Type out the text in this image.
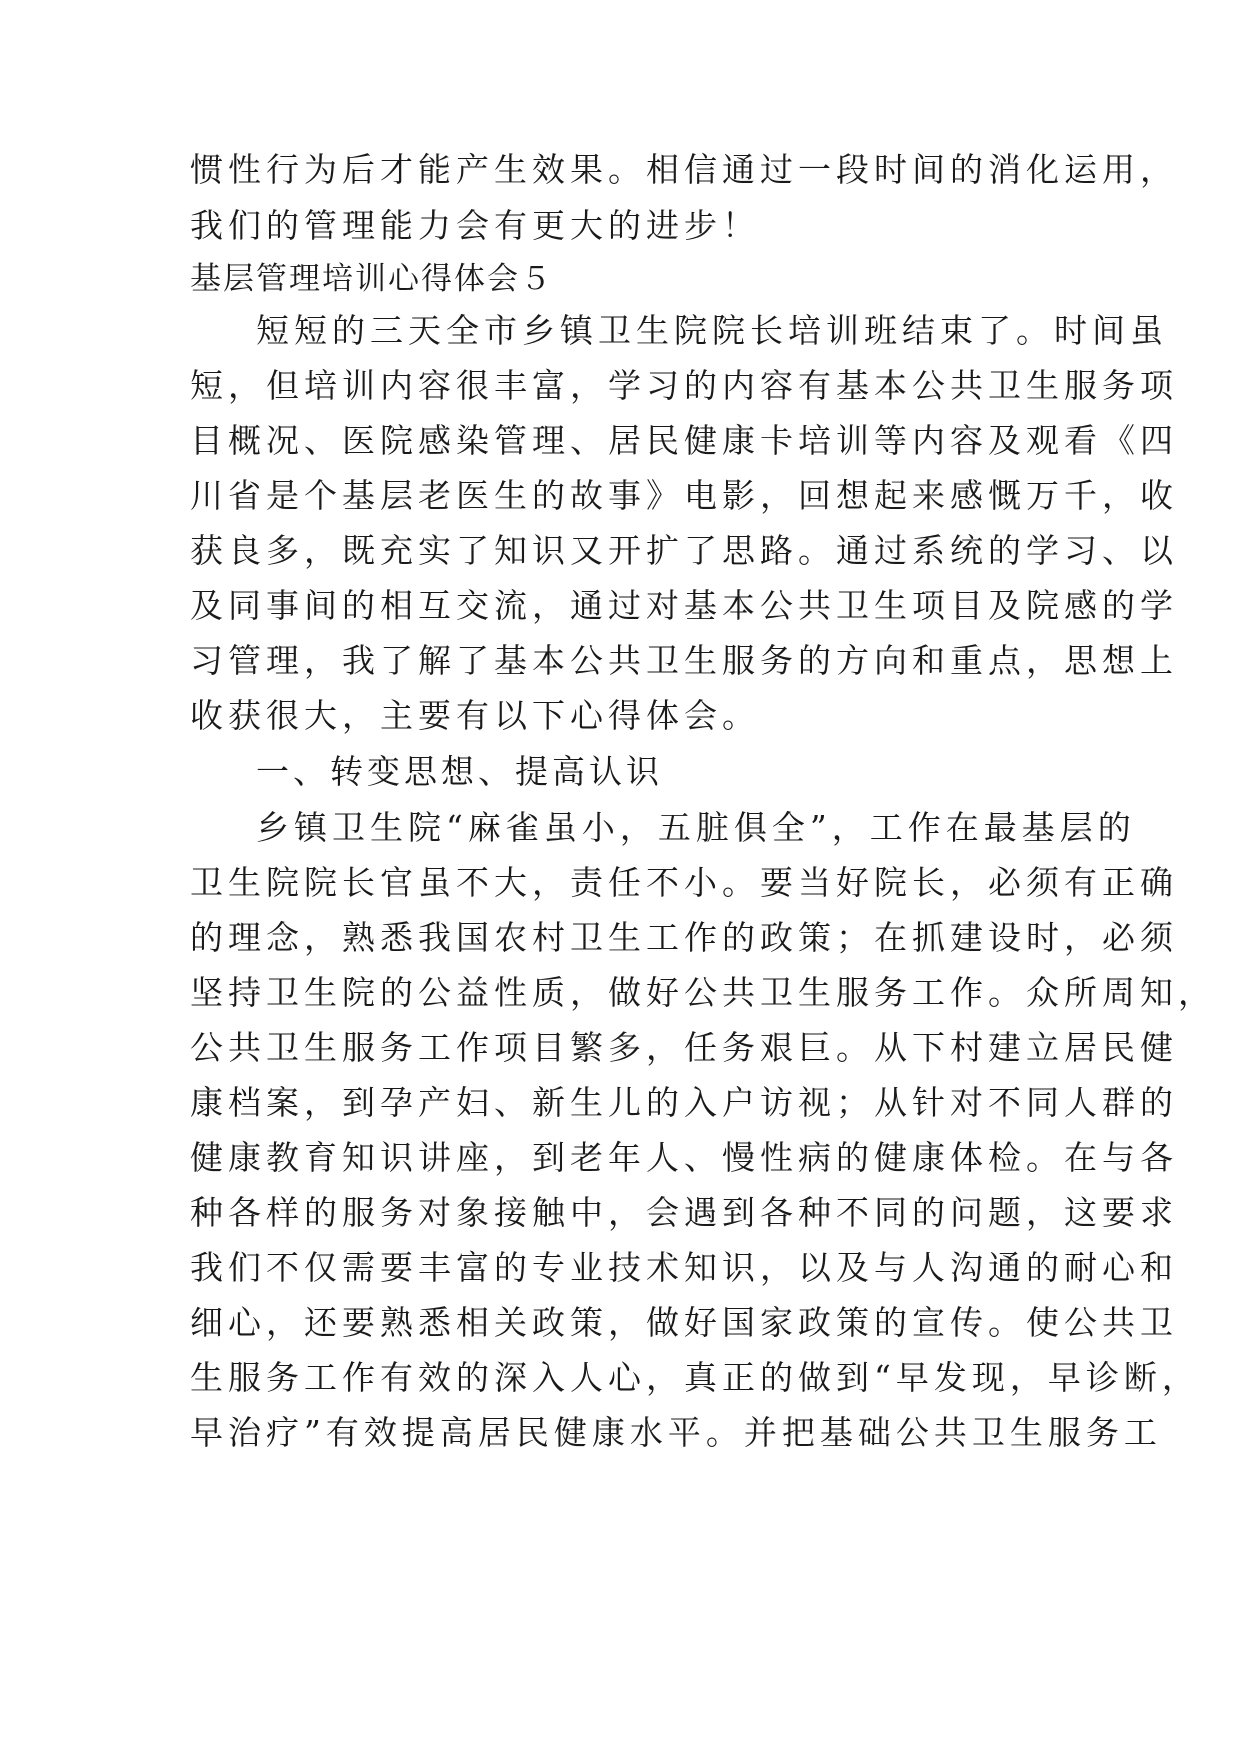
惯性行为后才能产生效果。相信通过一段时间的消化运用，
我们的管理能力会有更大的进步！
基层管理培训心得体会５
短短的三天全市乡镇卫生院院长培训班结束了。时间虽
短，但培训内容很丰富，学习的内容有基本公共卫生服务项
目概况、医院感染管理、居民健康卡培训等内容及观看《四
川省是个基层老医生的故事》电影，回想起来感慨万千，收
获良多，既充实了知识又开扩了思路。通过系统的学习、以
及同事间的相互交流，通过对基本公共卫生项目及院感的学
习管理，我了解了基本公共卫生服务的方向和重点，思想上
收获很大，主要有以下心得体会。
一、转变思想、提高认识
乡镇卫生院“麻雀虽小，五脏俱全”，工作在最基层的
卫生院院长官虽不大，责任不小。要当好院长，必须有正确
的理念，熟悉我国农村卫生工作的政策；在抓建设时，必须
坚持卫生院的公益性质，做好公共卫生服务工作。众所周知，
公共卫生服务工作项目繁多，任务艰巨。从下村建立居民健
康档案，到孕产妇、新生儿的入户访视；从针对不同人群的
健康教育知识讲座，到老年人、慢性病的健康体检。在与各
种各样的服务对象接触中，会遇到各种不同的问题，这要求
我们不仅需要丰富的专业技术知识，以及与人沟通的耐心和
细心，还要熟悉相关政策，做好国家政策的宣传。使公共卫
生服务工作有效的深入人心，真正的做到“早发现，早诊断，
早治疗”有效提高居民健康水平。并把基础公共卫生服务工
